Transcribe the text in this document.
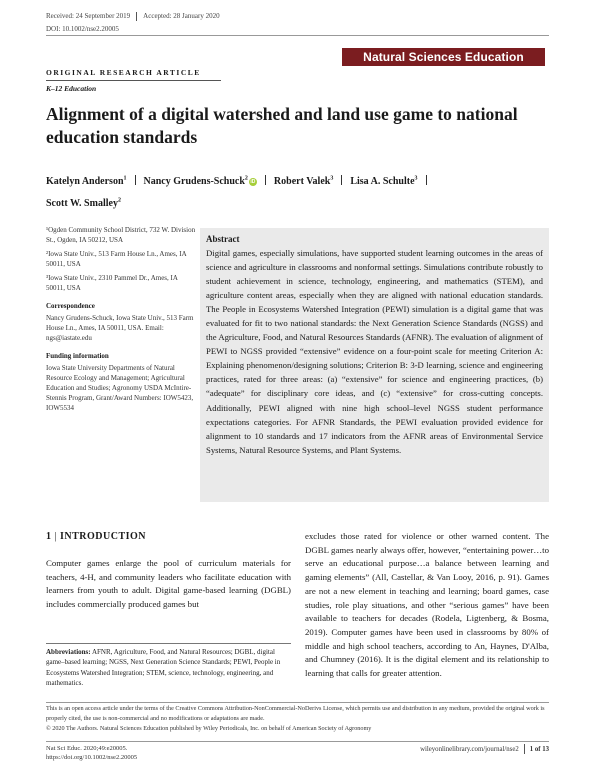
Received: 24 September 2019 Accepted: 28 January 2020
DOI: 10.1002/nse2.20005
Natural Sciences Education
ORIGINAL RESEARCH ARTICLE
K–12 Education
Alignment of a digital watershed and land use game to national education standards
Katelyn Anderson$^1$ Nancy Grudens-Schuck$^2$iD Robert Valek$^3$ Lisa A. Schulte$^3$
Scott W. Smalley$^2$
¹Ogden Community School District, 732 W. Division St., Ogden, IA 50212, USA
²Iowa State Univ., 513 Farm House Ln., Ames, IA 50011, USA
³Iowa State Univ., 2310 Pammel Dr., Ames, IA 50011, USA
Correspondence
Nancy Grudens-Schuck, Iowa State Univ., 513 Farm House Ln., Ames, IA 50011, USA. Email: ngs@iastate.edu
Funding information
Iowa State University Departments of Natural Resource Ecology and Management; Agricultural Education and Studies; Agronomy USDA McIntire-Stennis Program, Grant/Award Numbers: IOW5423, IOW5534
Abstract
Digital games, especially simulations, have supported student learning outcomes in the areas of science and agriculture in classrooms and nonformal settings. Simulations contribute robustly to student achievement in science, technology, engineering, and mathematics (STEM), and agriculture content areas, especially when they are aligned with national education standards. The People in Ecosystems Watershed Integration (PEWI) simulation is a digital game that was evaluated for fit to two national standards: the Next Generation Science Standards (NGSS) and the Agriculture, Food, and Natural Resources Standards (AFNR). The evaluation of alignment of PEWI to NGSS provided “extensive” evidence on a four-point scale for meeting Criterion A: Explaining phenomenon/designing solutions; Criterion B: 3-D learning, science and engineering practices, rated for three areas: (a) “extensive” for science and engineering practices, (b) “adequate” for disciplinary core ideas, and (c) “extensive” for cross-cutting concepts. Additionally, PEWI aligned with nine high school–level NGSS student performance expectations categories. For AFNR Standards, the PEWI evaluation provided evidence for alignment to 10 standards and 17 indicators from the AFNR areas of Environmental Service Systems, Natural Resource Systems, and Plant Systems.
1 | INTRODUCTION
Computer games enlarge the pool of curriculum materials for teachers, 4-H, and community leaders who facilitate education with learners from youth to adult. Digital game-based learning (DGBL) includes commercially produced games but
excludes those rated for violence or other warned content. The DGBL games nearly always offer, however, “entertaining power…to serve an educational purpose…a balance between learning and gaming elements” (All, Castellar, & Van Looy, 2016, p. 91). Games are not a new element in teaching and learning; board games, case studies, role play situations, and other “serious games” have been available to teachers for decades (Rodela, Ligtenberg, & Bosma, 2019). Computer games have been used in classrooms by 80% of middle and high school teachers, according to An, Haynes, D'Alba, and Chumney (2016). It is the digital element and its relationship to learning that calls for greater attention.
Abbreviations: AFNR, Agriculture, Food, and Natural Resources; DGBL, digital game–based learning; NGSS, Next Generation Science Standards; PEWI, People in Ecosystems Watershed Integration; STEM, science, technology, engineering, and mathematics.
This is an open access article under the terms of the Creative Commons Attribution-NonCommercial-NoDerivs License, which permits use and distribution in any medium, provided the original work is properly cited, the use is non-commercial and no modifications or adaptations are made.
© 2020 The Authors. Natural Sciences Education published by Wiley Periodicals, Inc. on behalf of American Society of Agronomy
Nat Sci Educ. 2020;49:e20005.
https://doi.org/10.1002/nse2.20005
wileyonlinelibrary.com/journal/nse2 1 of 13
